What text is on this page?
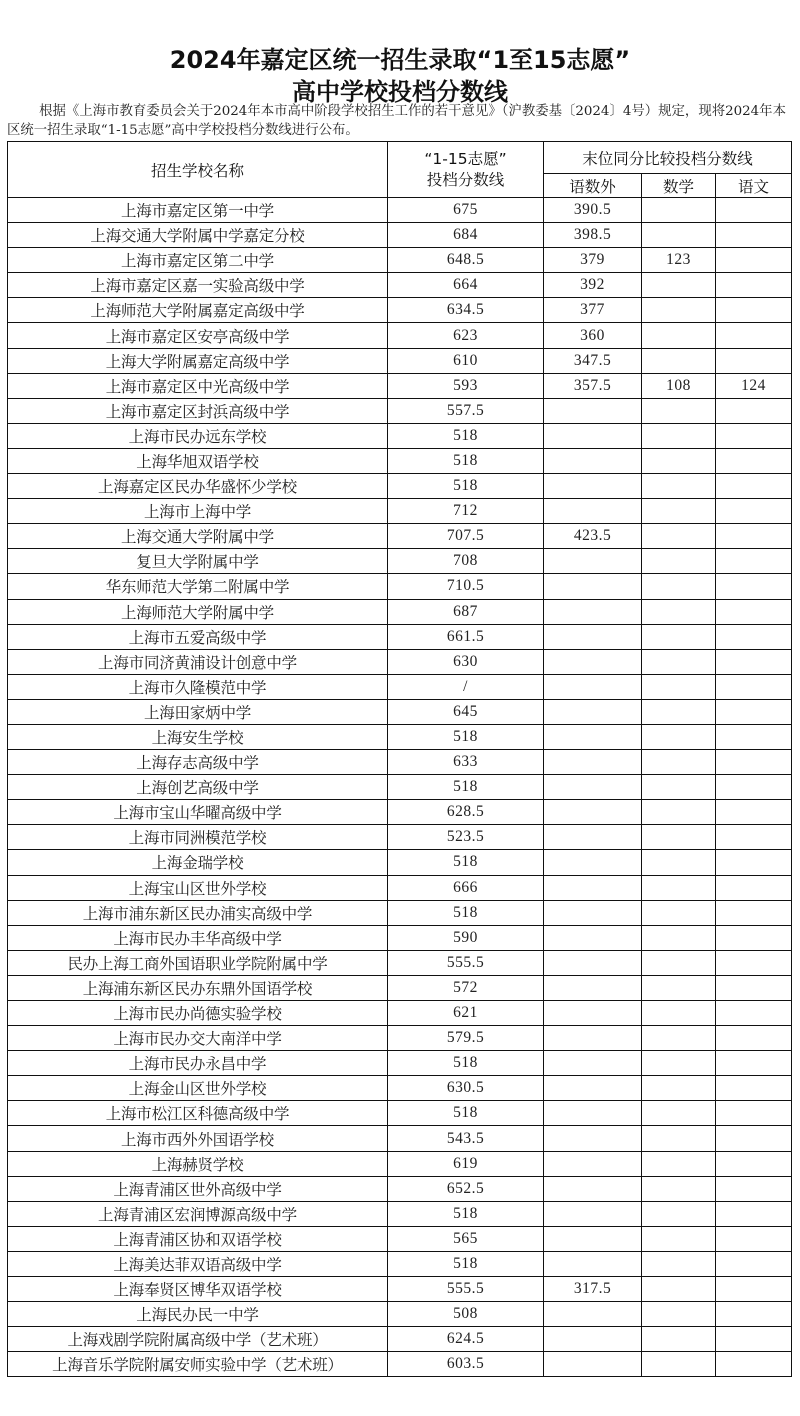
2024年嘉定区统一招生录取“1至15志愿”
高中学校投档分数线
根据《上海市教育委员会关于2024年本市高中阶段学校招生工作的若干意见》（沪教委基〔2024〕4号）规定，现将2024年本区统一招生录取“1-15志愿”高中学校投档分数线进行公布。
招生学校名称	“1-15志愿”
投档分数线	末位同分比较投档分数线		
		语数外	数学	语文
上海市嘉定区第一中学	675	390.5		
上海交通大学附属中学嘉定分校	684	398.5		
上海市嘉定区第二中学	648.5	379	123	
上海市嘉定区嘉一实验高级中学	664	392		
上海师范大学附属嘉定高级中学	634.5	377		
上海市嘉定区安亭高级中学	623	360		
上海大学附属嘉定高级中学	610	347.5		
上海市嘉定区中光高级中学	593	357.5	108	124
上海市嘉定区封浜高级中学	557.5			
上海市民办远东学校	518			
上海华旭双语学校	518			
上海嘉定区民办华盛怀少学校	518			
上海市上海中学	712			
上海交通大学附属中学	707.5	423.5		
复旦大学附属中学	708			
华东师范大学第二附属中学	710.5			
上海师范大学附属中学	687			
上海市五爱高级中学	661.5			
上海市同济黄浦设计创意中学	630			
上海市久隆模范中学	/			
上海田家炳中学	645			
上海安生学校	518			
上海存志高级中学	633			
上海创艺高级中学	518			
上海市宝山华曜高级中学	628.5			
上海市同洲模范学校	523.5			
上海金瑞学校	518			
上海宝山区世外学校	666			
上海市浦东新区民办浦实高级中学	518			
上海市民办丰华高级中学	590			
民办上海工商外国语职业学院附属中学	555.5			
上海浦东新区民办东鼎外国语学校	572			
上海市民办尚德实验学校	621			
上海市民办交大南洋中学	579.5			
上海市民办永昌中学	518			
上海金山区世外学校	630.5			
上海市松江区科德高级中学	518			
上海市西外外国语学校	543.5			
上海赫贤学校	619			
上海青浦区世外高级中学	652.5			
上海青浦区宏润博源高级中学	518			
上海青浦区协和双语学校	565			
上海美达菲双语高级中学	518			
上海奉贤区博华双语学校	555.5	317.5		
上海民办民一中学	508			
上海戏剧学院附属高级中学（艺术班）	624.5			
上海音乐学院附属安师实验中学（艺术班）	603.5			
